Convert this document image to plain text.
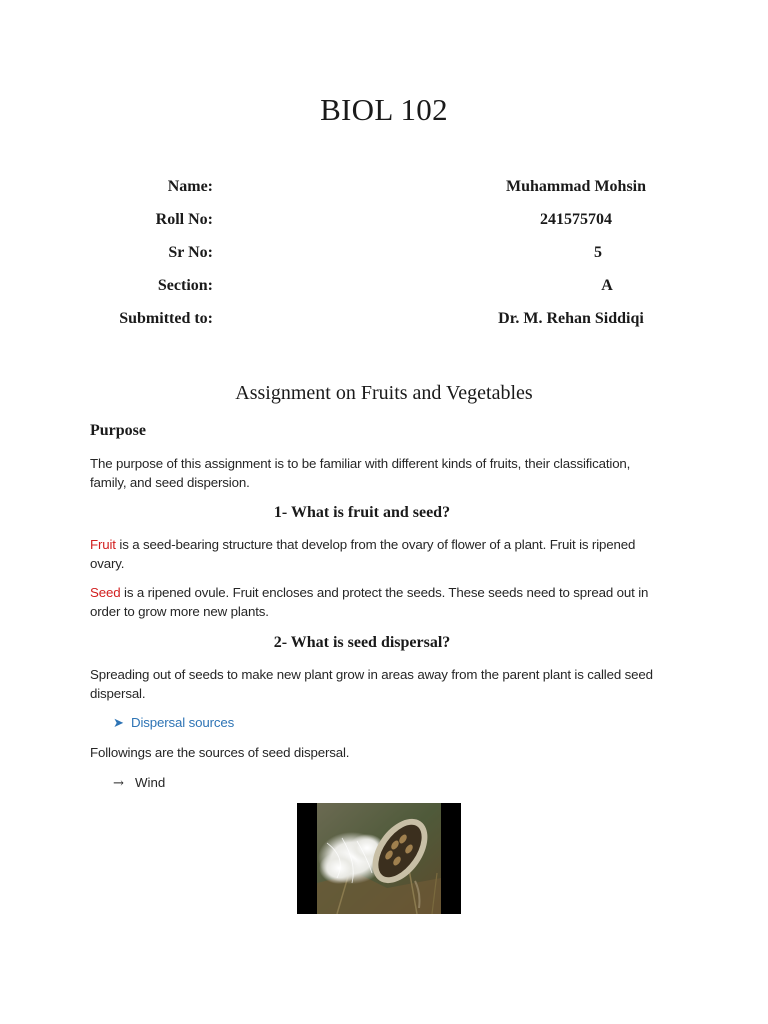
BIOL 102
Name:	Muhammad Mohsin
Roll No:	241575704
Sr No:	5
Section:	A
Submitted to:	Dr. M. Rehan Siddiqi
Assignment on Fruits and Vegetables
Purpose
The purpose of this assignment is to be familiar with different kinds of fruits, their classification,
family, and seed dispersion.
1- What is fruit and seed?
Fruit is a seed-bearing structure that develop from the ovary of flower of a plant. Fruit is ripened
ovary.
Seed is a ripened ovule. Fruit encloses and protect the seeds. These seeds need to spread out in
order to grow more new plants.
2- What is seed dispersal?
Spreading out of seeds to make new plant grow in areas away from the parent plant is called seed
dispersal.
➤ Dispersal sources
Followings are the sources of seed dispersal.
→ Wind
